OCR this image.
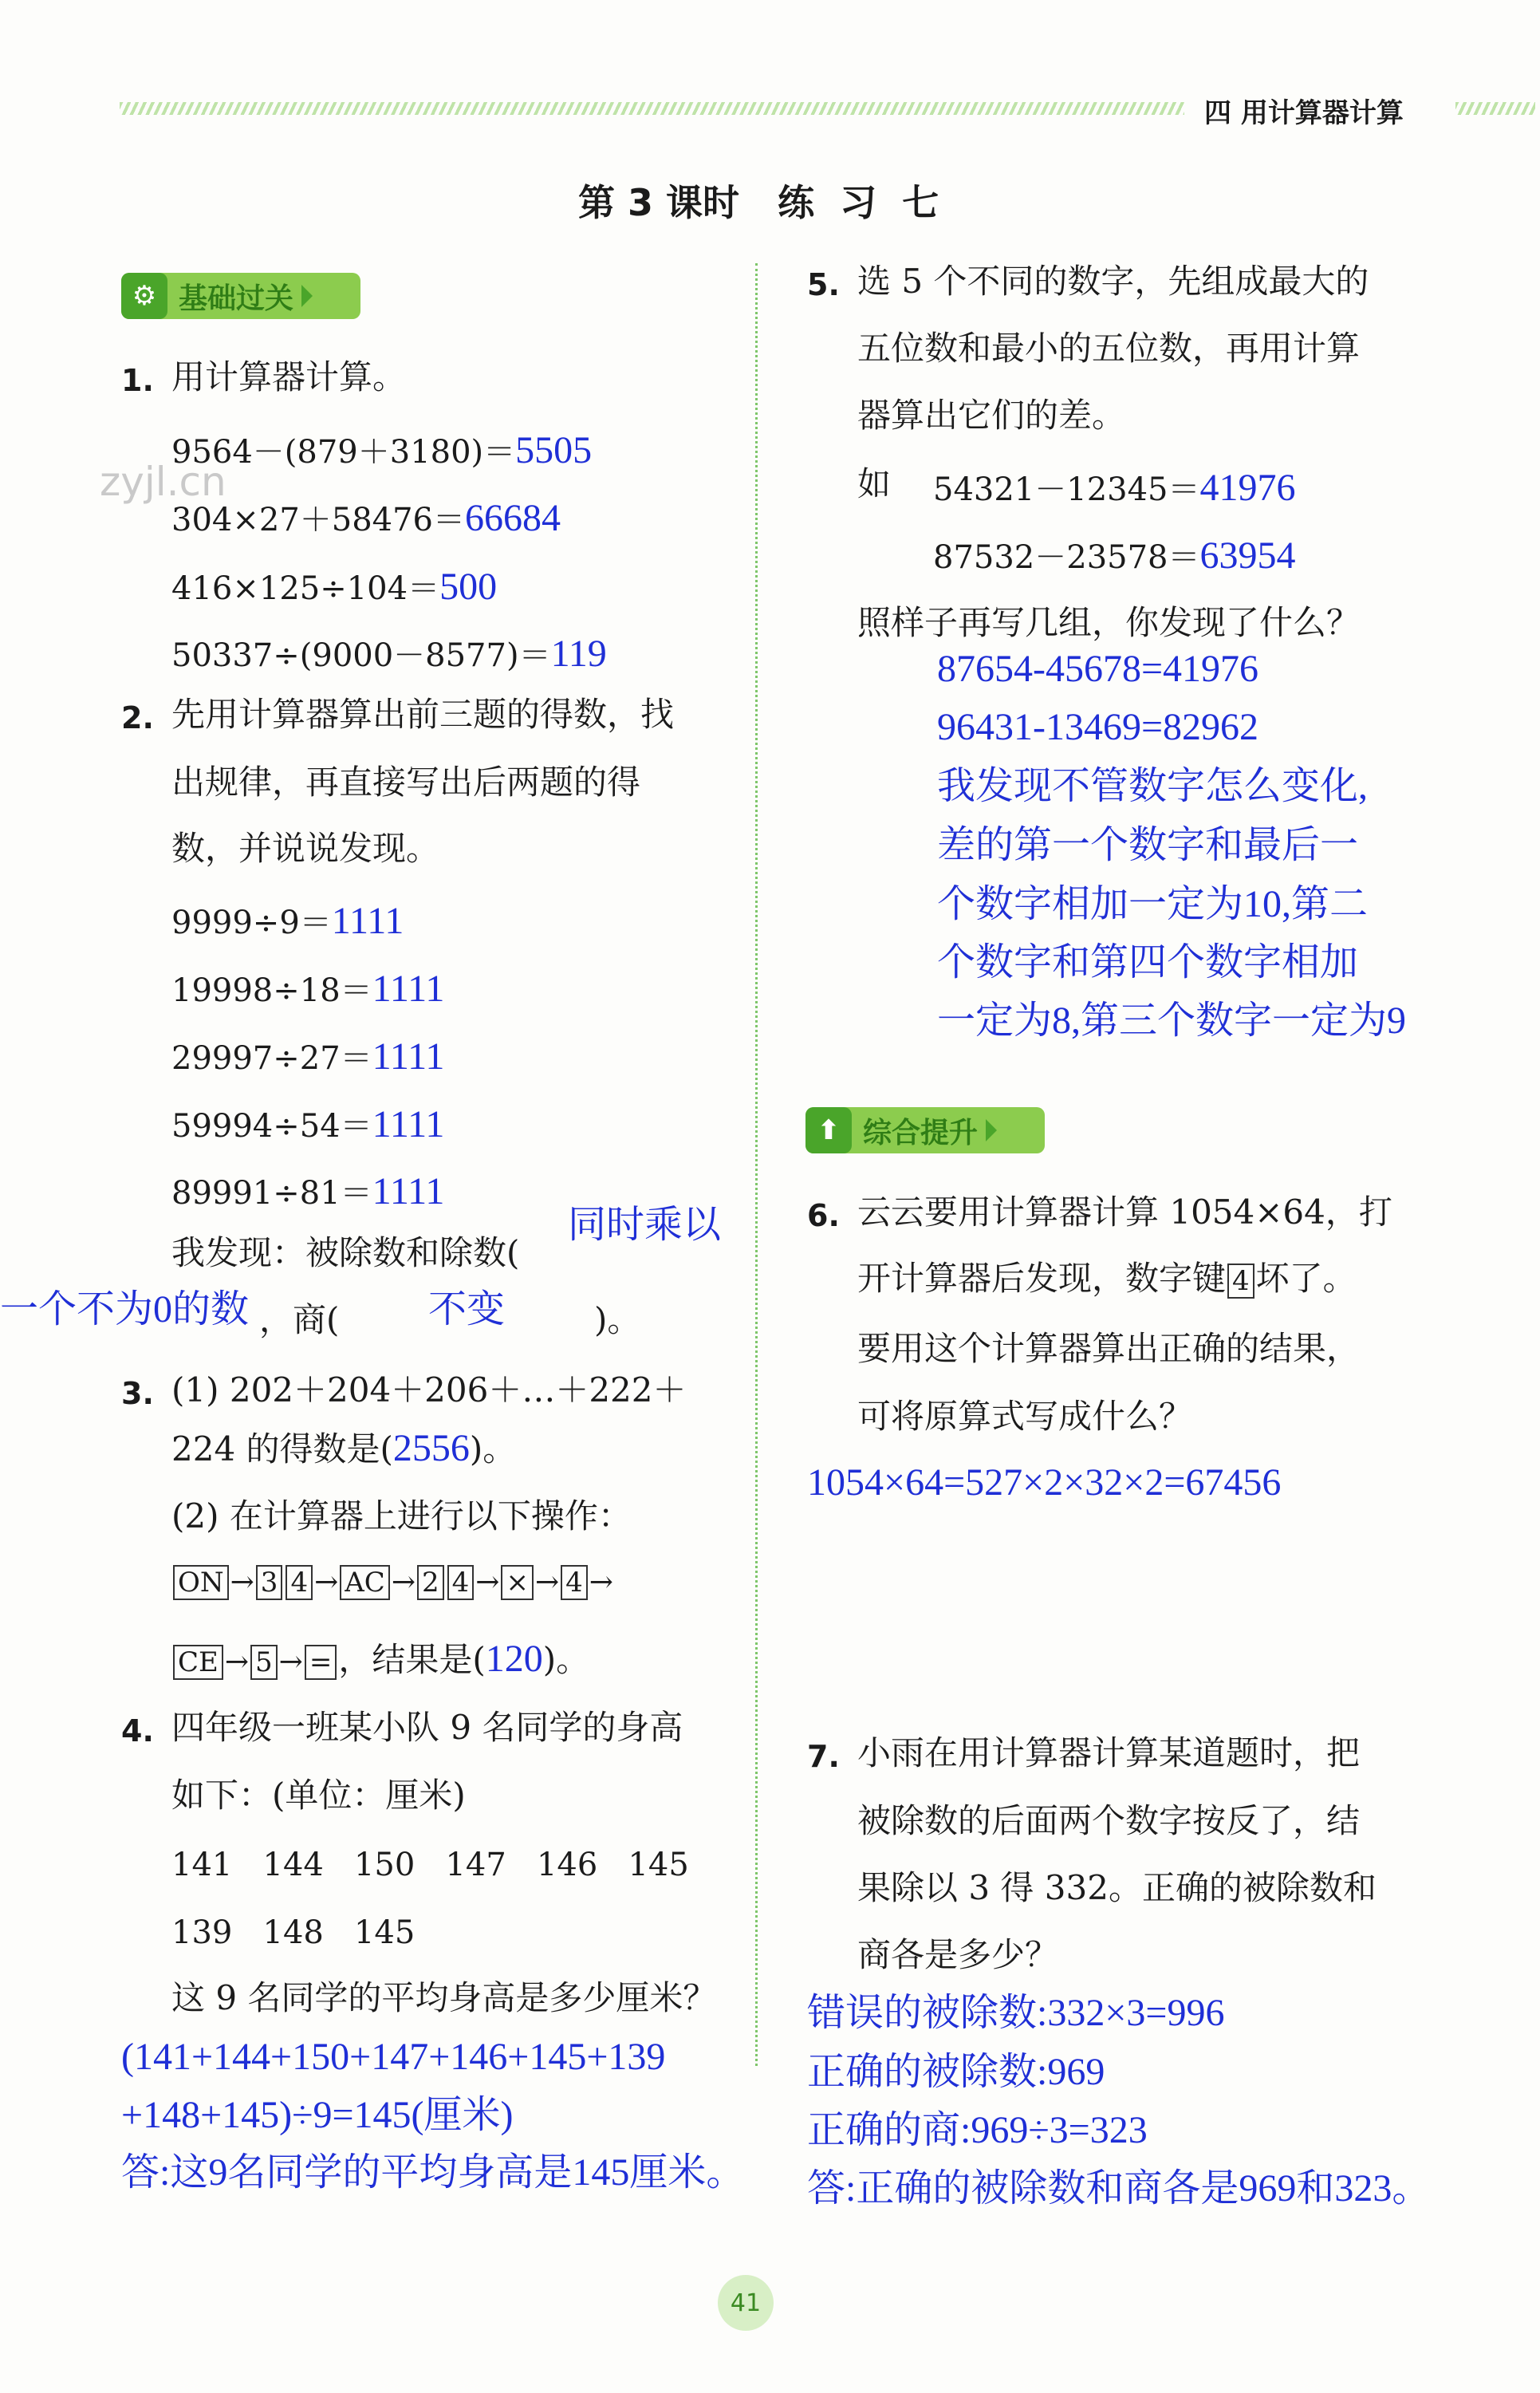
四 用计算器计算
第 3 课时   练  习  七
zyjl.cn
⚙ 基础过关
1. 用计算器计算。
9564－(879＋3180)＝5505
304×27＋58476＝66684
416×125÷104＝500
50337÷(9000－8577)＝119
2. 先用计算器算出前三题的得数，找
出规律，再直接写出后两题的得
数，并说说发现。
9999÷9＝1111
19998÷18＝1111
29997÷27＝1111
59994÷54＝1111
89991÷81＝1111
我发现：被除数和除数(
同时乘以
一个不为0的数 ，商( 不变	)。
3. (1) 202＋204＋206＋…＋222＋
224 的得数是(2556)。
(2) 在计算器上进行以下操作：
ON → 3 4 → AC → 2 4 → × → 4 →
CE → 5 → = ，结果是(120)。
4. 四年级一班某小队 9 名同学的身高
如下：(单位：厘米)
141   144   150   147   146   145
139   148   145
这 9 名同学的平均身高是多少厘米？
(141+144+150+147+146+145+139
+148+145)÷9=145(厘米)
答:这9名同学的平均身高是145厘米。
5. 选 5 个不同的数字，先组成最大的
五位数和最小的五位数，再用计算
器算出它们的差。
如 54321－12345＝41976
87532－23578＝63954
照样子再写几组，你发现了什么？
87654-45678=41976
96431-13469=82962
我发现不管数字怎么变化,
差的第一个数字和最后一
个数字相加一定为10,第二
个数字和第四个数字相加
一定为8,第三个数字一定为9
⬆ 综合提升
6. 云云要用计算器计算 1054×64，打
开计算器后发现，数字键 4 坏了。
要用这个计算器算出正确的结果，
可将原算式写成什么？
1054×64=527×2×32×2=67456
7. 小雨在用计算器计算某道题时，把
被除数的后面两个数字按反了，结
果除以 3 得 332。正确的被除数和
商各是多少？
错误的被除数:332×3=996
正确的被除数:969
正确的商:969÷3=323
答:正确的被除数和商各是969和323。
41
